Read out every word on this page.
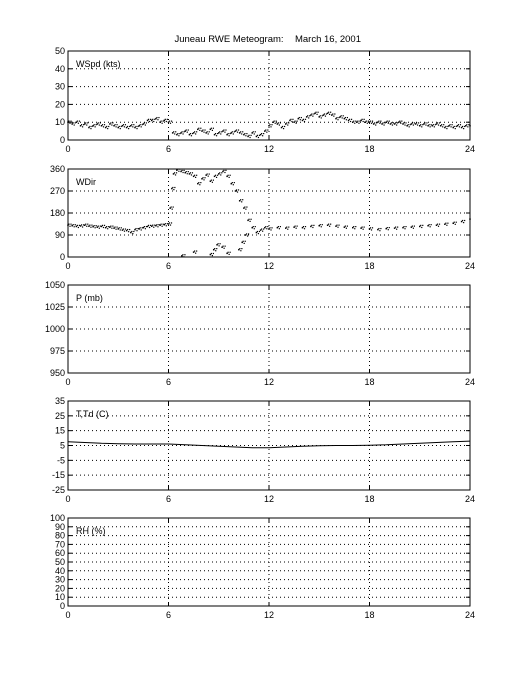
Juneau RWE Meteogram: March 16, 2001
0	6	12	18	24
0
10
20
30
40
50
WSpd (kts)
0	6	12	18	24
0
90
180
270
360
WDir
0	6	12	18	24
950
975
1000
1025
1050
P (mb)
0	6	12	18	24
-25
-15
-5
5
15
25
35
T,Td (C)
0	6	12	18	24
0
10
20
30
40
50
60
70
80
90
100
RH (%)
